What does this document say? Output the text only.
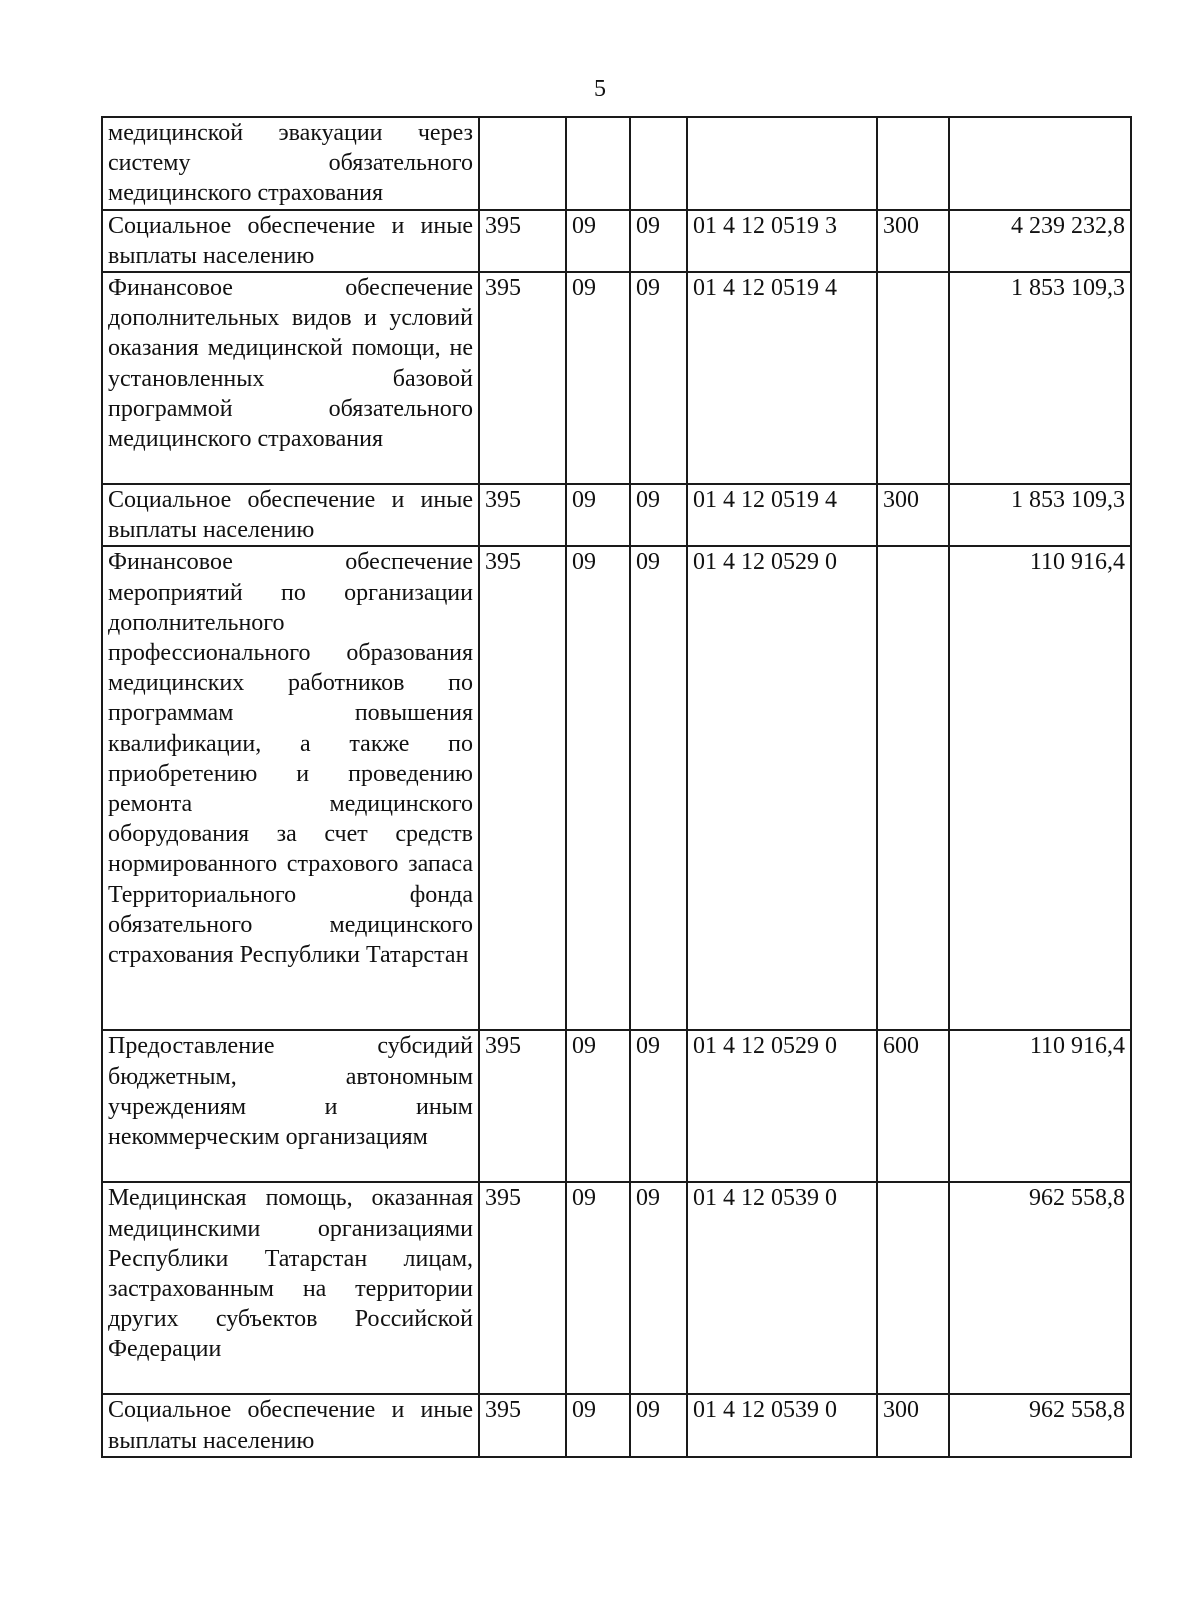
5
медицинской эвакуации через систему обязательного медицинского страхования						
Социальное обеспечение и иные выплаты населению	395	09	09	01 4 12 0519 3	300	4 239 232,8
Финансовое обеспечение дополнительных видов и условий оказания медицинской помощи, не установленных базовой программой обязательного медицинского страхования	395	09	09	01 4 12 0519 4		1 853 109,3
Социальное обеспечение и иные выплаты населению	395	09	09	01 4 12 0519 4	300	1 853 109,3
Финансовое обеспечение мероприятий по организации дополнительного профессионального образования медицинских работников по программам повышения квалификации, а также по приобретению и проведению ремонта медицинского оборудования за счет средств нормированного страхового запаса Территориального фонда обязательного медицинского страхования Республики Татарстан	395	09	09	01 4 12 0529 0		110 916,4
Предоставление субсидий бюджетным, автономным учреждениям и иным некоммерческим организациям	395	09	09	01 4 12 0529 0	600	110 916,4
Медицинская помощь, оказанная медицинскими организациями Республики Татарстан лицам, застрахованным на территории других субъектов Российской Федерации	395	09	09	01 4 12 0539 0		962 558,8
Социальное обеспечение и иные выплаты населению	395	09	09	01 4 12 0539 0	300	962 558,8
